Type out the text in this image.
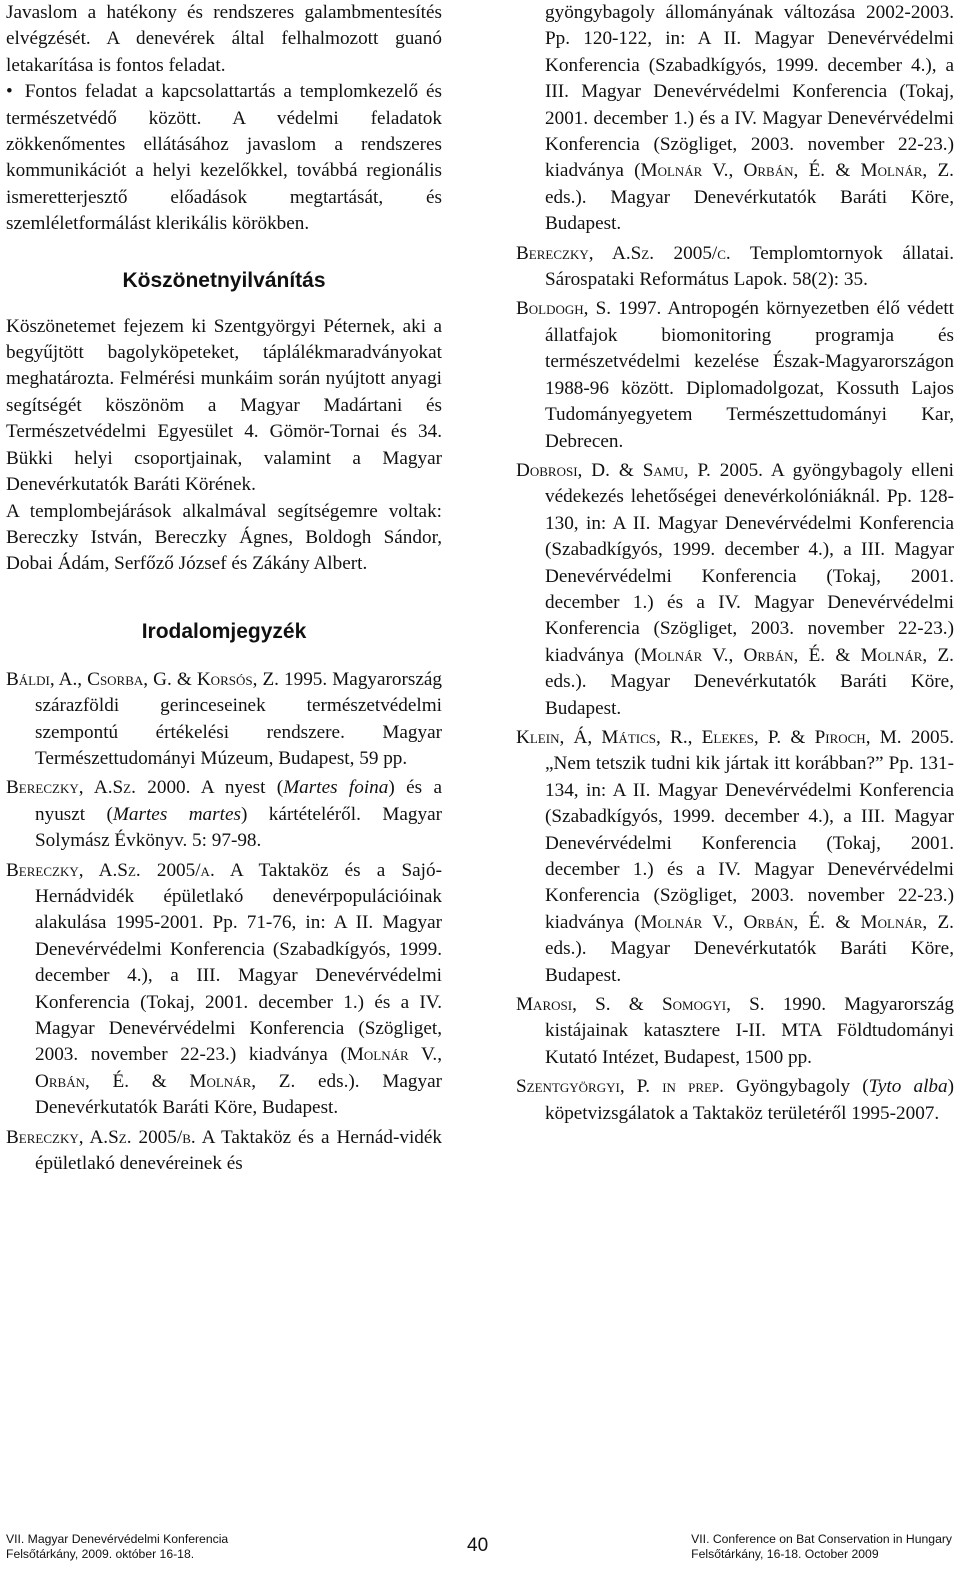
Javaslom a hatékony és rendszeres galambmentesítés elvégzését. A denevérek által felhalmozott guanó letakarítása is fontos feladat.

• Fontos feladat a kapcsolattartás a templomkezelő és természetvédő között. A védelmi feladatok zökkenőmentes ellátásához javaslom a rendszeres kommunikációt a helyi kezelőkkel, továbbá regionális ismeretterjesztő előadások megtartását, és szemléletformálást klerikális körökben.

Köszönetnyilvánítás

Köszönetemet fejezem ki Szentgyörgyi Péternek, aki a begyűjtött bagolyköpeteket, táplálékmaradványokat meghatározta. Felmérési munkáim során nyújtott anyagi segítségét köszönöm a Magyar Madártani és Természetvédelmi Egyesület 4. Gömör-Tornai és 34. Bükki helyi csoportjainak, valamint a Magyar Denevérkutatók Baráti Körének.

A templombejárások alkalmával segítségemre voltak: Bereczky István, Bereczky Ágnes, Boldogh Sándor, Dobai Ádám, Serfőző József és Zákány Albert.

Irodalomjegyzék

Báldi, A., Csorba, G. & Korsós, Z. 1995. Magyarország szárazföldi gerinceseinek természetvédelmi szempontú értékelési rendszere. Magyar Természettudományi Múzeum, Budapest, 59 pp.

Bereczky, A.Sz. 2000. A nyest (Martes foina) és a nyuszt (Martes martes) kártételéről. Magyar Solymász Évkönyv. 5: 97-98.

Bereczky, A.Sz. 2005/a. A Taktaköz és a Sajó-Hernádvidék épületlakó denevérpopulációinak alakulása 1995-2001. Pp. 71-76, in: A II. Magyar Denevérvédelmi Konferencia (Szabadkígyós, 1999. december 4.), a III. Magyar Denevérvédelmi Konferencia (Tokaj, 2001. december 1.) és a IV. Magyar Denevérvédelmi Konferencia (Szögliget, 2003. november 22-23.) kiadványa (Molnár V., Orbán, É. & Molnár, Z. eds.). Magyar Denevérkutatók Baráti Köre, Budapest.

Bereczky, A.Sz. 2005/b. A Taktaköz és a Hernád-vidék épületlakó denevéreinek és

gyöngybagoly állományának változása 2002-2003. Pp. 120-122, in: A II. Magyar Denevérvédelmi Konferencia (Szabadkígyós, 1999. december 4.), a III. Magyar Denevérvédelmi Konferencia (Tokaj, 2001. december 1.) és a IV. Magyar Denevérvédelmi Konferencia (Szögliget, 2003. november 22-23.) kiadványa (Molnár V., Orbán, É. & Molnár, Z. eds.). Magyar Denevérkutatók Baráti Köre, Budapest.

Bereczky, A.Sz. 2005/c. Templomtornyok állatai. Sárospataki Református Lapok. 58(2): 35.

Boldogh, S. 1997. Antropogén környezetben élő védett állatfajok biomonitoring programja és természetvédelmi kezelése Észak-Magyarországon 1988-96 között. Diplomadolgozat, Kossuth Lajos Tudományegyetem Természettudományi Kar, Debrecen.

Dobrosi, D. & Samu, P. 2005. A gyöngybagoly elleni védekezés lehetőségei denevérkolóniáknál. Pp. 128-130, in: A II. Magyar Denevérvédelmi Konferencia (Szabadkígyós, 1999. december 4.), a III. Magyar Denevérvédelmi Konferencia (Tokaj, 2001. december 1.) és a IV. Magyar Denevérvédelmi Konferencia (Szögliget, 2003. november 22-23.) kiadványa (Molnár V., Orbán, É. & Molnár, Z. eds.). Magyar Denevérkutatók Baráti Köre, Budapest.

Klein, Á, Mátics, R., Elekes, P. & Piroch, M. 2005. „Nem tetszik tudni kik jártak itt korábban?” Pp. 131-134, in: A II. Magyar Denevérvédelmi Konferencia (Szabadkígyós, 1999. december 4.), a III. Magyar Denevérvédelmi Konferencia (Tokaj, 2001. december 1.) és a IV. Magyar Denevérvédelmi Konferencia (Szögliget, 2003. november 22-23.) kiadványa (Molnár V., Orbán, É. & Molnár, Z. eds.). Magyar Denevérkutatók Baráti Köre, Budapest.

Marosi, S. & Somogyi, S. 1990. Magyarország kistájainak katasztere I-II. MTA Földtudományi Kutató Intézet, Budapest, 1500 pp.

Szentgyörgyi, P. in prep. Gyöngybagoly (Tyto alba) köpetvizsgálatok a Taktaköz területéről 1995-2007.

VII. Magyar Denevérvédelmi Konferencia
Felsőtárkány, 2009. október 16-18.	40	VII. Conference on Bat Conservation in Hungary
Felsőtárkány, 16-18. October 2009
